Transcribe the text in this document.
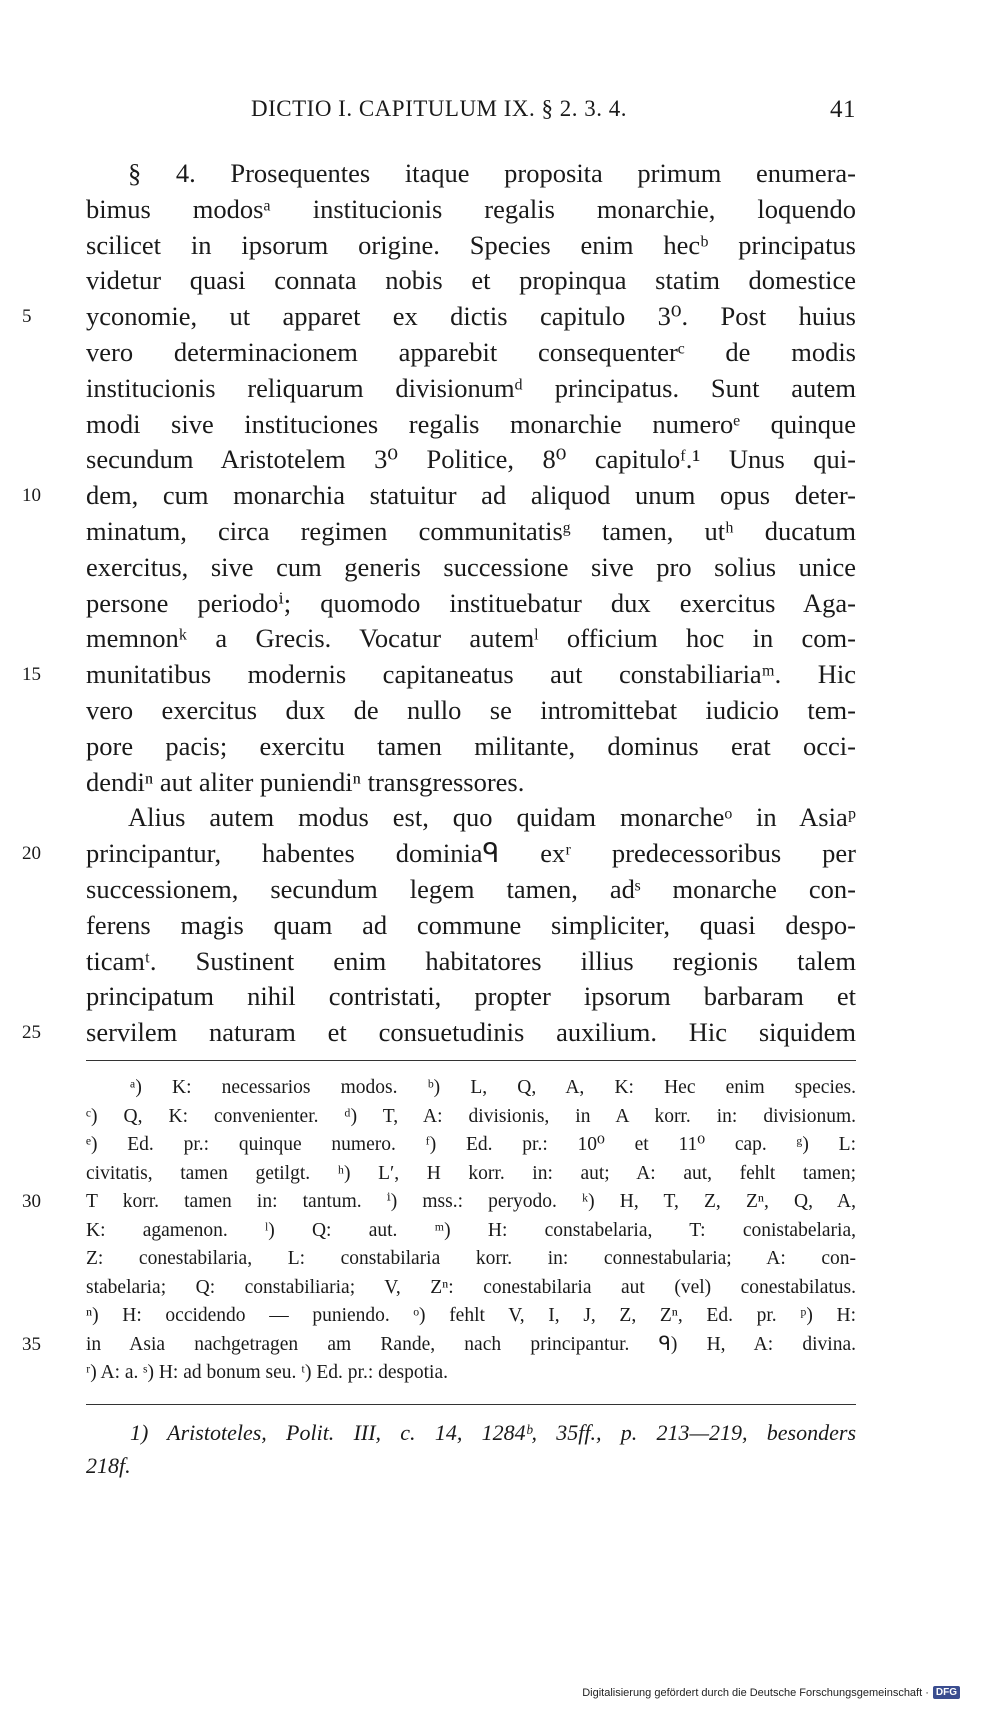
DICTIO I. CAPITULUM IX. § 2. 3. 4.	41
§ 4. Prosequentes itaque proposita primum enumera-
bimus modosᵃ institucionis regalis monarchie, loquendo
scilicet in ipsorum origine. Species enim hecᵇ principatus
videtur quasi connata nobis et propinqua statim domestice
5	yconomie, ut apparet ex dictis capitulo 3⁰. Post huius
vero determinacionem apparebit consequenterᶜ de modis
institucionis reliquarum divisionumᵈ principatus. Sunt autem
modi sive instituciones regalis monarchie numeroᵉ quinque
secundum Aristotelem 3⁰ Politice, 8⁰ capituloᶠ.¹ Unus qui-
10	dem, cum monarchia statuitur ad aliquod unum opus deter-
minatum, circa regimen communitatisᵍ tamen, utʰ ducatum
exercitus, sive cum generis successione sive pro solius unice
persone periodoⁱ; quomodo instituebatur dux exercitus Aga-
memnonᵏ a Grecis. Vocatur autemˡ officium hoc in com-
15	munitatibus modernis capitaneatus aut constabiliariaᵐ. Hic
vero exercitus dux de nullo se intromittebat iudicio tem-
pore pacis; exercitu tamen militante, dominus erat occi-
dendiⁿ aut aliter puniendiⁿ transgressores.
Alius autem modus est, quo quidam monarcheᵒ in Asiaᵖ
20	principantur, habentes dominiaᑫ exʳ predecessoribus per
successionem, secundum legem tamen, adˢ monarche con-
ferens magis quam ad commune simpliciter, quasi despo-
ticamᵗ. Sustinent enim habitatores illius regionis talem
principatum nihil contristati, propter ipsorum barbaram et
25	servilem naturam et consuetudinis auxilium. Hic siquidem
ᵃ) K: necessarios modos. ᵇ) L, Q, A, K: Hec enim species.
ᶜ) Q, K: convenienter. ᵈ) T, A: divisionis, in A korr. in: divisionum.
ᵉ) Ed. pr.: quinque numero. ᶠ) Ed. pr.: 10⁰ et 11⁰ cap. ᵍ) L:
civitatis, tamen getilgt. ʰ) L′, H korr. in: aut; A: aut, fehlt tamen;
30	T korr. tamen in: tantum. ⁱ) mss.: peryodo. ᵏ) H, T, Z, Zⁿ, Q, A,
K: agamenon. ˡ) Q: aut. ᵐ) H: constabelaria, T: conistabelaria,
Z: conestabilaria, L: constabilaria korr. in: connestabularia; A: con-
stabelaria; Q: constabiliaria; V, Zⁿ: conestabilaria aut (vel) conestabilatus.
ⁿ) H: occidendo — puniendo. ᵒ) fehlt V, I, J, Z, Zⁿ, Ed. pr. ᵖ) H:
35	in Asia nachgetragen am Rande, nach principantur. ᑫ) H, A: divina.
ʳ) A: a. ˢ) H: ad bonum seu. ᵗ) Ed. pr.: despotia.
1) Aristoteles, Polit. III, c. 14, 1284ᵇ, 35ff., p. 213—219, besonders
218f.
Digitalisierung gefördert durch die Deutsche Forschungsgemeinschaft · DFG
